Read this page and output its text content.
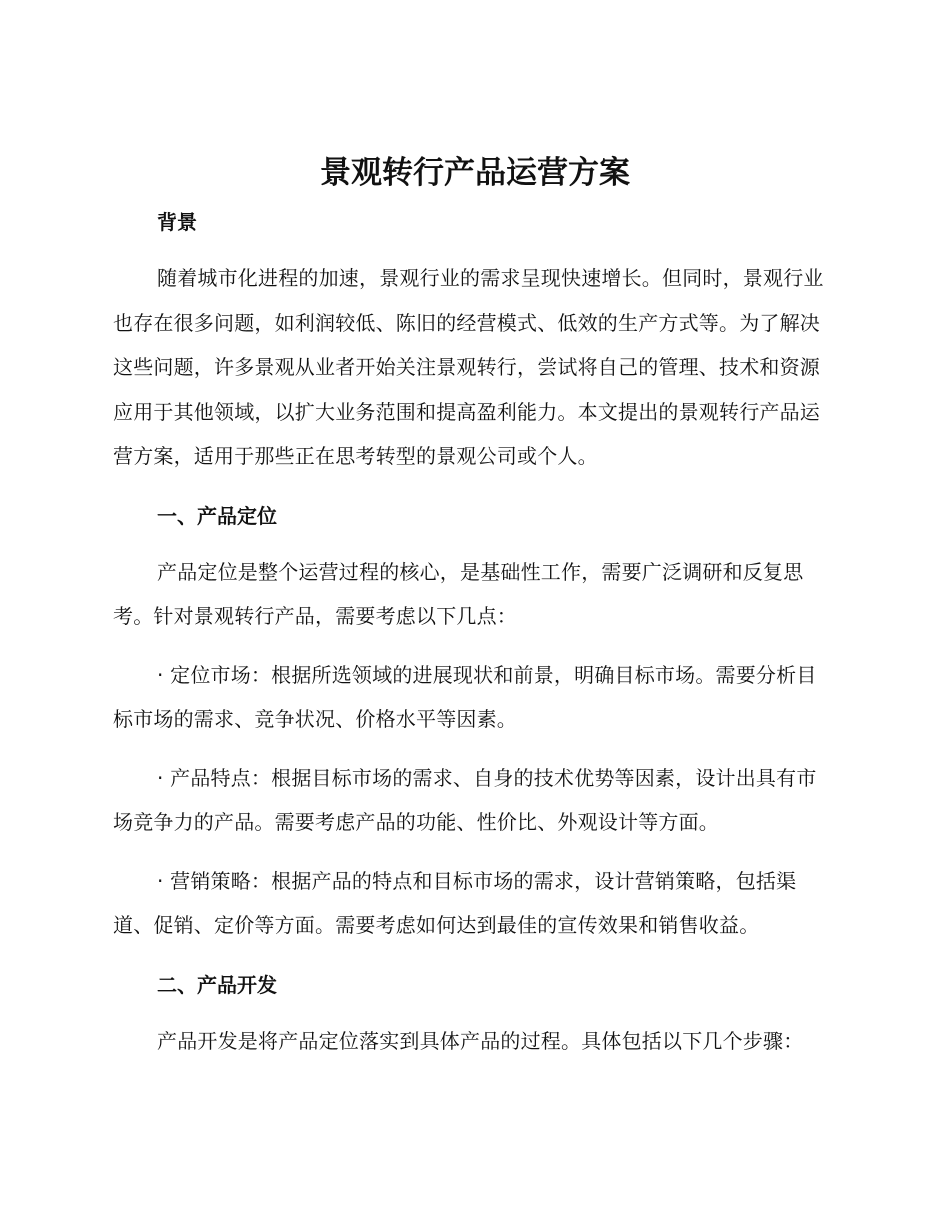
景观转行产品运营方案
背景

随着城市化进程的加速，景观行业的需求呈现快速增长。但同时，景观行业也存在很多问题，如利润较低、陈旧的经营模式、低效的生产方式等。为了解决这些问题，许多景观从业者开始关注景观转行，尝试将自己的管理、技术和资源应用于其他领域，以扩大业务范围和提高盈利能力。本文提出的景观转行产品运营方案，适用于那些正在思考转型的景观公司或个人。

一、产品定位

产品定位是整个运营过程的核心，是基础性工作，需要广泛调研和反复思考。针对景观转行产品，需要考虑以下几点：

· 定位市场：根据所选领域的进展现状和前景，明确目标市场。需要分析目标市场的需求、竞争状况、价格水平等因素。

· 产品特点：根据目标市场的需求、自身的技术优势等因素，设计出具有市场竞争力的产品。需要考虑产品的功能、性价比、外观设计等方面。

· 营销策略：根据产品的特点和目标市场的需求，设计营销策略，包括渠道、促销、定价等方面。需要考虑如何达到最佳的宣传效果和销售收益。

二、产品开发

产品开发是将产品定位落实到具体产品的过程。具体包括以下几个步骤：
